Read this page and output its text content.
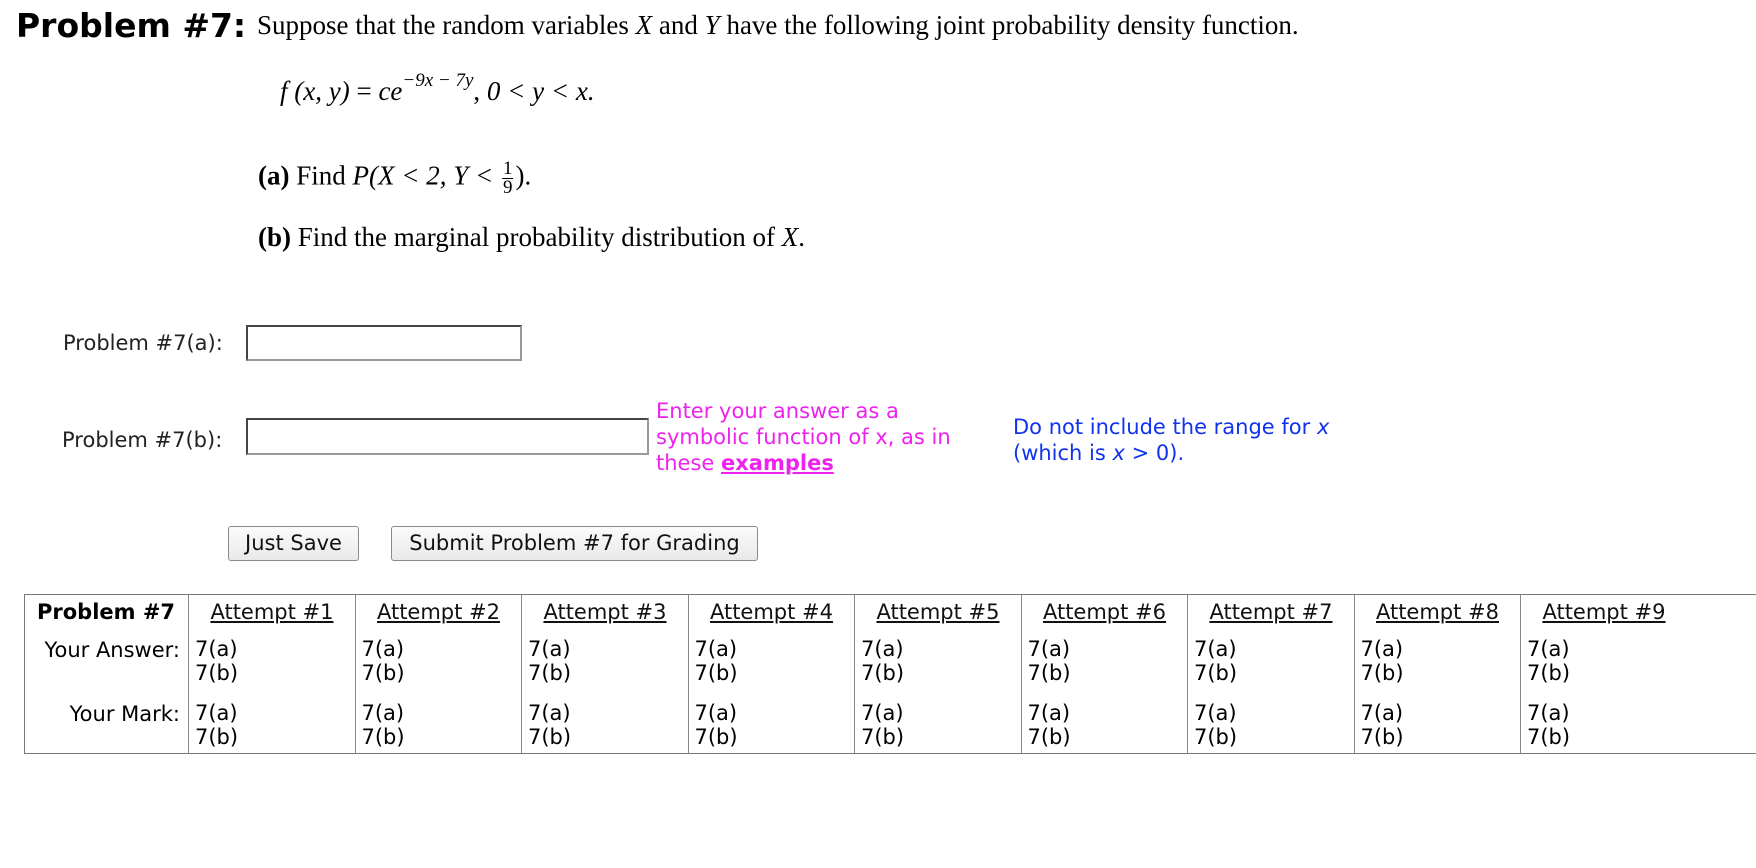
Problem #7: Suppose that the random variables X and Y have the following joint probability density function.
f (x, $y) = ce^{-9x - 7y}$, 0 < y < x.
(a) Find P(X < 2, $Y < \frac{1}{9}$ ).
(b) Find the marginal probability distribution of X.
Problem #7(a):
Problem #7(b):
Enter your answer as a symbolic function of x, as in these examples
Do not include the range for x (which is x > 0).
Just Save	Submit Problem #7 for Grading
Problem #7
Your Answer:
Your Mark:
Attempt #1
7(a)
7(b)
7(a)
7(b)
Attempt #2
7(a)
7(b)
7(a)
7(b)
Attempt #3
7(a)
7(b)
7(a)
7(b)
Attempt #4
7(a)
7(b)
7(a)
7(b)
Attempt #5
7(a)
7(b)
7(a)
7(b)
Attempt #6
7(a)
7(b)
7(a)
7(b)
Attempt #7
7(a)
7(b)
7(a)
7(b)
Attempt #8
7(a)
7(b)
7(a)
7(b)
Attempt #9
7(a)
7(b)
7(a)
7(b)
